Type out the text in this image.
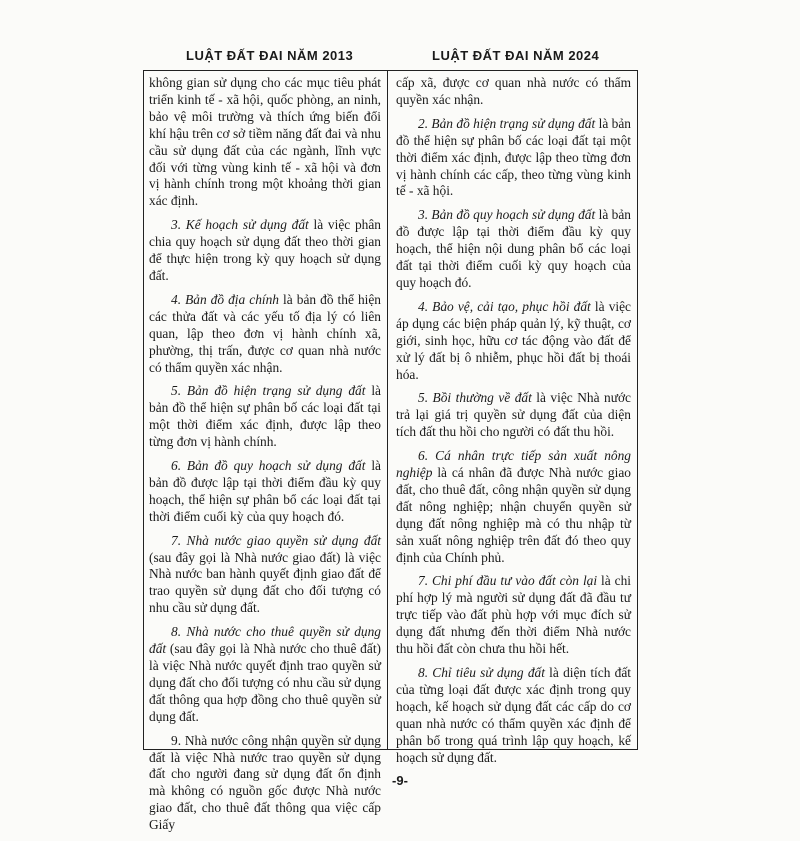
LUẬT ĐẤT ĐAI NĂM 2013	LUẬT ĐẤT ĐAI NĂM 2024

không gian sử dụng cho các mục tiêu phát triển kinh tế - xã hội, quốc phòng, an ninh, bảo vệ môi trường và thích ứng biến đổi khí hậu trên cơ sở tiềm năng đất đai và nhu cầu sử dụng đất của các ngành, lĩnh vực đối với từng vùng kinh tế - xã hội và đơn vị hành chính trong một khoảng thời gian xác định.

3. Kế hoạch sử dụng đất là việc phân chia quy hoạch sử dụng đất theo thời gian để thực hiện trong kỳ quy hoạch sử dụng đất.

4. Bản đồ địa chính là bản đồ thể hiện các thửa đất và các yếu tố địa lý có liên quan, lập theo đơn vị hành chính xã, phường, thị trấn, được cơ quan nhà nước có thẩm quyền xác nhận.

5. Bản đồ hiện trạng sử dụng đất là bản đồ thể hiện sự phân bố các loại đất tại một thời điểm xác định, được lập theo từng đơn vị hành chính.

6. Bản đồ quy hoạch sử dụng đất là bản đồ được lập tại thời điểm đầu kỳ quy hoạch, thể hiện sự phân bổ các loại đất tại thời điểm cuối kỳ của quy hoạch đó.

7. Nhà nước giao quyền sử dụng đất (sau đây gọi là Nhà nước giao đất) là việc Nhà nước ban hành quyết định giao đất để trao quyền sử dụng đất cho đối tượng có nhu cầu sử dụng đất.

8. Nhà nước cho thuê quyền sử dụng đất (sau đây gọi là Nhà nước cho thuê đất) là việc Nhà nước quyết định trao quyền sử dụng đất cho đối tượng có nhu cầu sử dụng đất thông qua hợp đồng cho thuê quyền sử dụng đất.

9. Nhà nước công nhận quyền sử dụng đất là việc Nhà nước trao quyền sử dụng đất cho người đang sử dụng đất ổn định mà không có nguồn gốc được Nhà nước giao đất, cho thuê đất thông qua việc cấp Giấy

cấp xã, được cơ quan nhà nước có thẩm quyền xác nhận.

2. Bản đồ hiện trạng sử dụng đất là bản đồ thể hiện sự phân bố các loại đất tại một thời điểm xác định, được lập theo từng đơn vị hành chính các cấp, theo từng vùng kinh tế - xã hội.

3. Bản đồ quy hoạch sử dụng đất là bản đồ được lập tại thời điểm đầu kỳ quy hoạch, thể hiện nội dung phân bổ các loại đất tại thời điểm cuối kỳ quy hoạch của quy hoạch đó.

4. Bảo vệ, cải tạo, phục hồi đất là việc áp dụng các biện pháp quản lý, kỹ thuật, cơ giới, sinh học, hữu cơ tác động vào đất để xử lý đất bị ô nhiễm, phục hồi đất bị thoái hóa.

5. Bồi thường về đất là việc Nhà nước trả lại giá trị quyền sử dụng đất của diện tích đất thu hồi cho người có đất thu hồi.

6. Cá nhân trực tiếp sản xuất nông nghiệp là cá nhân đã được Nhà nước giao đất, cho thuê đất, công nhận quyền sử dụng đất nông nghiệp; nhận chuyển quyền sử dụng đất nông nghiệp mà có thu nhập từ sản xuất nông nghiệp trên đất đó theo quy định của Chính phủ.

7. Chi phí đầu tư vào đất còn lại là chi phí hợp lý mà người sử dụng đất đã đầu tư trực tiếp vào đất phù hợp với mục đích sử dụng đất nhưng đến thời điểm Nhà nước thu hồi đất còn chưa thu hồi hết.

8. Chỉ tiêu sử dụng đất là diện tích đất của từng loại đất được xác định trong quy hoạch, kế hoạch sử dụng đất các cấp do cơ quan nhà nước có thẩm quyền xác định để phân bổ trong quá trình lập quy hoạch, kế hoạch sử dụng đất.

-9-
